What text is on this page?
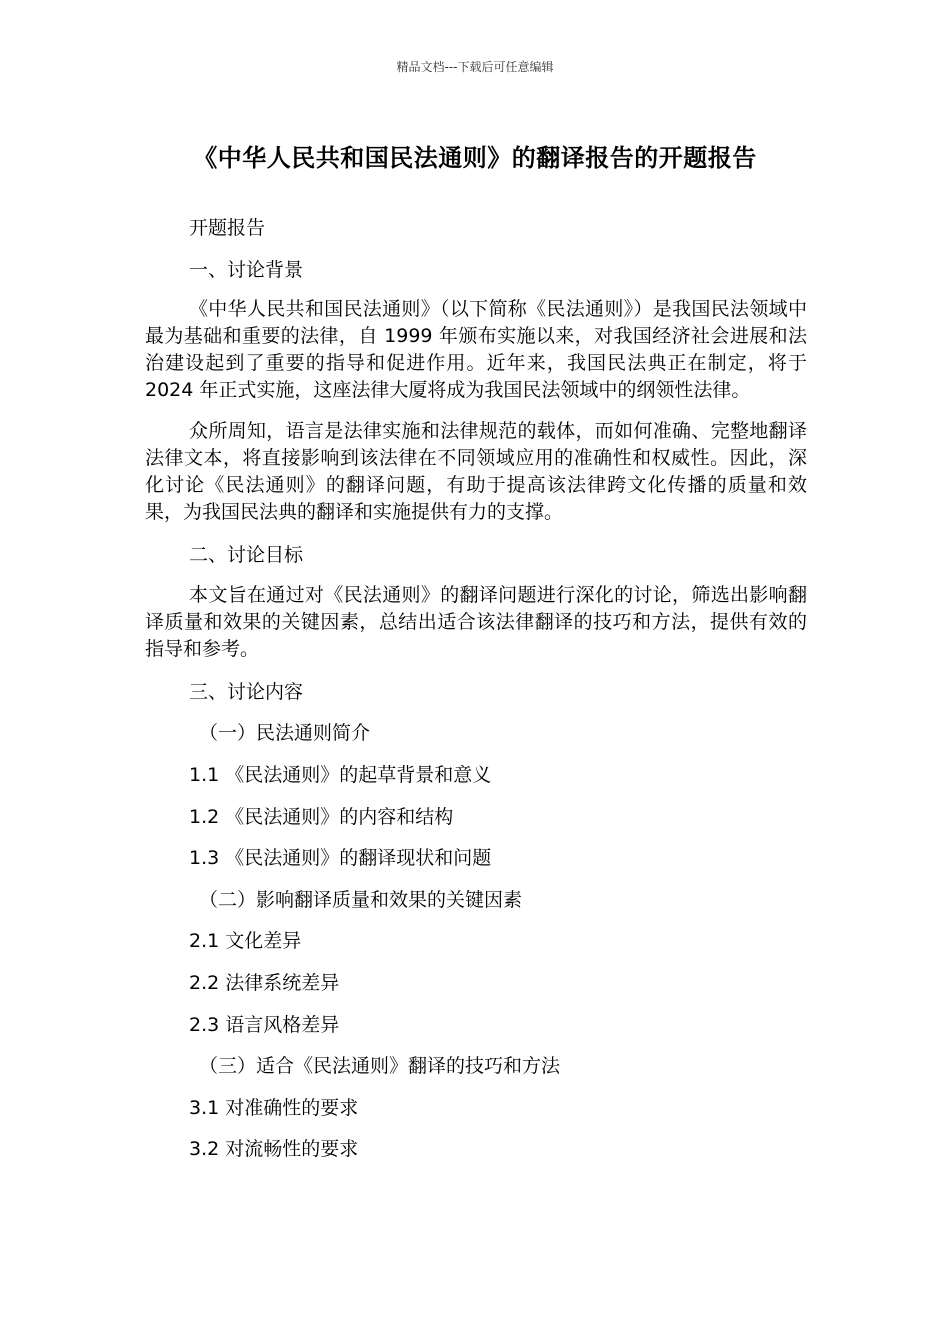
精品文档---下载后可任意编辑
《中华人民共和国民法通则》的翻译报告的开题报告
开题报告
一、讨论背景
《中华人民共和国民法通则》（以下简称《民法通则》）是我国民法领域中最为基础和重要的法律，自 1999 年颁布实施以来，对我国经济社会进展和法治建设起到了重要的指导和促进作用。近年来，我国民法典正在制定，将于 2024 年正式实施，这座法律大厦将成为我国民法领域中的纲领性法律。
众所周知，语言是法律实施和法律规范的载体，而如何准确、完整地翻译法律文本，将直接影响到该法律在不同领域应用的准确性和权威性。因此，深化讨论《民法通则》的翻译问题，有助于提高该法律跨文化传播的质量和效果，为我国民法典的翻译和实施提供有力的支撑。
二、讨论目标
本文旨在通过对《民法通则》的翻译问题进行深化的讨论，筛选出影响翻译质量和效果的关键因素，总结出适合该法律翻译的技巧和方法，提供有效的指导和参考。
三、讨论内容
（一）民法通则简介
1.1 《民法通则》的起草背景和意义
1.2 《民法通则》的内容和结构
1.3 《民法通则》的翻译现状和问题
（二）影响翻译质量和效果的关键因素
2.1 文化差异
2.2 法律系统差异
2.3 语言风格差异
（三）适合《民法通则》翻译的技巧和方法
3.1 对准确性的要求
3.2 对流畅性的要求
